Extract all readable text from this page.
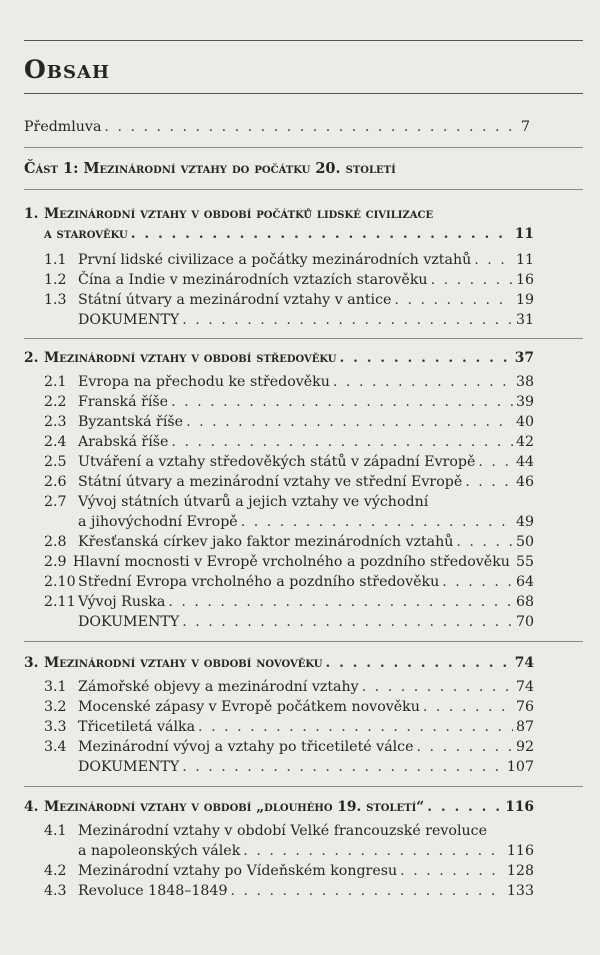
Obsah
Předmluva . . .	7
Část 1: Mezinárodní vztahy do počátku 20. století
1. Mezinárodní vztahy v období počátků lidské civilizace
a starověku . . .	11
1.1 První lidské civilizace a počátky mezinárodních vztahů . . .	11
1.2 Čína a Indie v mezinárodních vztazích starověku . . .	16
1.3 Státní útvary a mezinárodní vztahy v antice . . .	19
DOKUMENTY . . .	31
2. Mezinárodní vztahy v období středověku . . .	37
2.1 Evropa na přechodu ke středověku . . .	38
2.2 Franská říše . . .	39
2.3 Byzantská říše . . .	40
2.4 Arabská říše . . .	42
2.5 Utváření a vztahy středověkých států v západní Evropě . . .	44
2.6 Státní útvary a mezinárodní vztahy ve střední Evropě . . .	46
2.7 Vývoj státních útvarů a jejich vztahy ve východní
a jihovýchodní Evropě . . .	49
2.8 Křesťanská církev jako faktor mezinárodních vztahů . . .	50
2.9 Hlavní mocnosti v Evropě vrcholného a pozdního středověku 55
2.10 Střední Evropa vrcholného a pozdního středověku . . .	64
2.11 Vývoj Ruska . . .	68
DOKUMENTY . . .	70
3. Mezinárodní vztahy v období novověku . . .	74
3.1 Zámořské objevy a mezinárodní vztahy . . .	74
3.2 Mocenské zápasy v Evropě počátkem novověku . . .	76
3.3 Třicetiletá válka . . .	87
3.4 Mezinárodní vývoj a vztahy po třicetileté válce . . .	92
DOKUMENTY . . .	107
4. Mezinárodní vztahy v období „dlouhého 19. století“ . . .	116
4.1 Mezinárodní vztahy v období Velké francouzské revoluce
a napoleonských válek . . .	116
4.2 Mezinárodní vztahy po Vídeňském kongresu . . .	128
4.3 Revoluce 1848–1849 . . .	133
